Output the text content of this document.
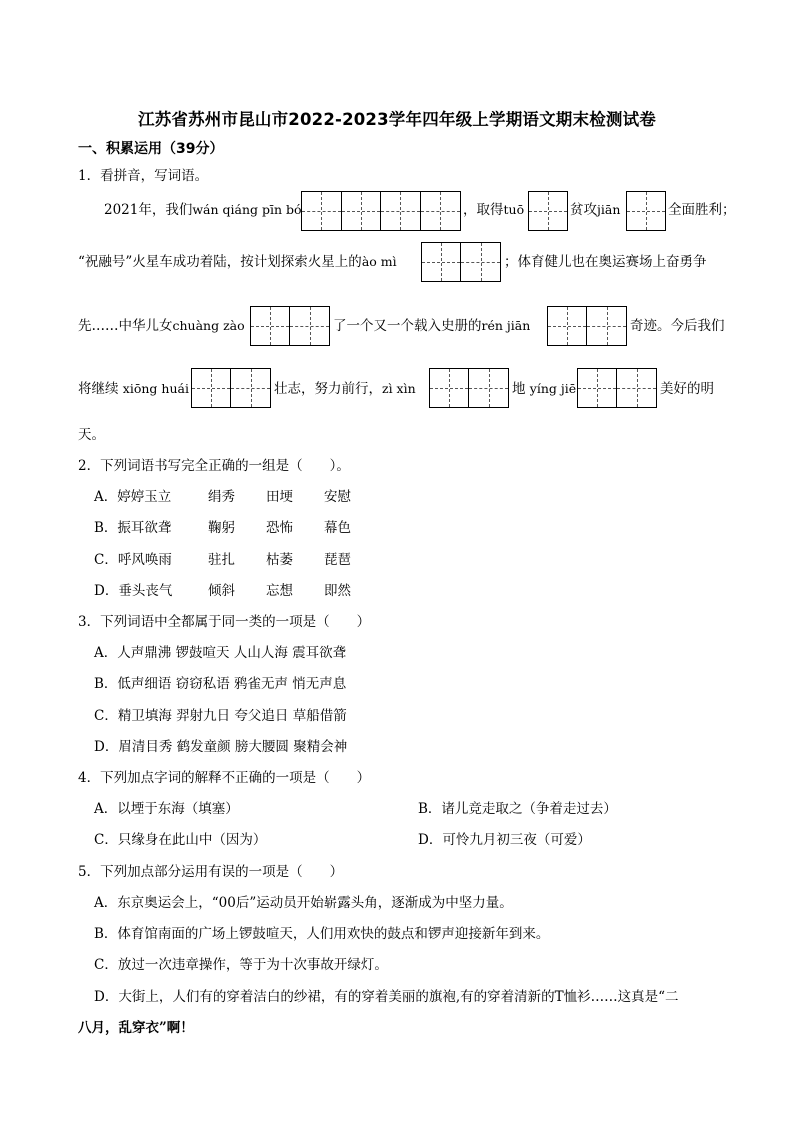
江苏省苏州市昆山市2022-2023学年四年级上学期语文期末检测试卷
一、积累运用（39分）
1．看拼音，写词语。
2021年，我们wán qiáng pīn bó	，取得tuō	贫攻jiān	全面胜利；
“祝融号”火星车成功着陆，按计划探索火星上的ào mì	；体育健儿也在奥运赛场上奋勇争
先……中华儿女chuàng zào	了一个又一个载入史册的rén jiān	奇迹。今后我们
将继续 xiōng huái	壮志，努力前行，zì xìn	地 yíng jiē	美好的明
天。
2．下列词语书写完全正确的一组是（　　）。
A．婷婷玉立	绢秀 田埂 安慰
B．振耳欲聋	鞠躬 恐怖 幕色
C．呼风唤雨	驻扎 枯萎 琵琶
D．垂头丧气	倾斜 忘想 即然
3．下列词语中全都属于同一类的一项是（　　）
A．人声鼎沸 锣鼓喧天 人山人海 震耳欲聋
B．低声细语 窃窃私语 鸦雀无声 悄无声息
C．精卫填海 羿射九日 夸父追日 草船借箭
D．眉清目秀 鹤发童颜 膀大腰圆 聚精会神
4．下列加点字词的解释不正确的一项是（　　）
A．以堙于东海（填塞）	B．诸儿竞走取之（争着走过去）
C．只缘身在此山中（因为）	D．可怜九月初三夜（可爱）
5．下列加点部分运用有误的一项是（　　）
A．东京奥运会上，“00后”运动员开始崭露头角，逐渐成为中坚力量。
B．体育馆南面的广场上锣鼓喧天，人们用欢快的鼓点和锣声迎接新年到来。
C．放过一次违章操作，等于为十次事故开绿灯。
D．大街上，人们有的穿着洁白的纱裙，有的穿着美丽的旗袍,有的穿着清新的T恤衫……这真是“二
八月，乱穿衣”啊！
